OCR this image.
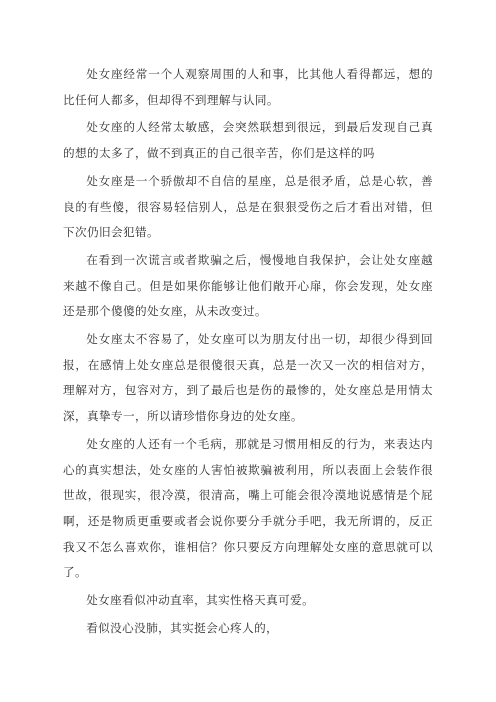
处女座经常一个人观察周围的人和事，比其他人看得都远，想的比任何人都多，但却得不到理解与认同。

处女座的人经常太敏感，会突然联想到很远，到最后发现自己真的想的太多了，做不到真正的自己很辛苦，你们是这样的吗

处女座是一个骄傲却不自信的星座，总是很矛盾，总是心软，善良的有些傻，很容易轻信别人，总是在狠狠受伤之后才看出对错，但下次仍旧会犯错。

在看到一次谎言或者欺骗之后，慢慢地自我保护，会让处女座越来越不像自己。但是如果你能够让他们敞开心扉，你会发现，处女座还是那个傻傻的处女座，从未改变过。

处女座太不容易了，处女座可以为朋友付出一切，却很少得到回报，在感情上处女座总是很傻很天真，总是一次又一次的相信对方，理解对方，包容对方，到了最后也是伤的最惨的，处女座总是用情太深，真挚专一，所以请珍惜你身边的处女座。

处女座的人还有一个毛病，那就是习惯用相反的行为，来表达内心的真实想法，处女座的人害怕被欺骗被利用，所以表面上会装作很世故，很现实，很冷漠，很清高，嘴上可能会很冷漠地说感情是个屁啊，还是物质更重要或者会说你要分手就分手吧，我无所谓的，反正我又不怎么喜欢你，谁相信？你只要反方向理解处女座的意思就可以了。

处女座看似冲动直率，其实性格天真可爱。

看似没心没肺，其实挺会心疼人的，
